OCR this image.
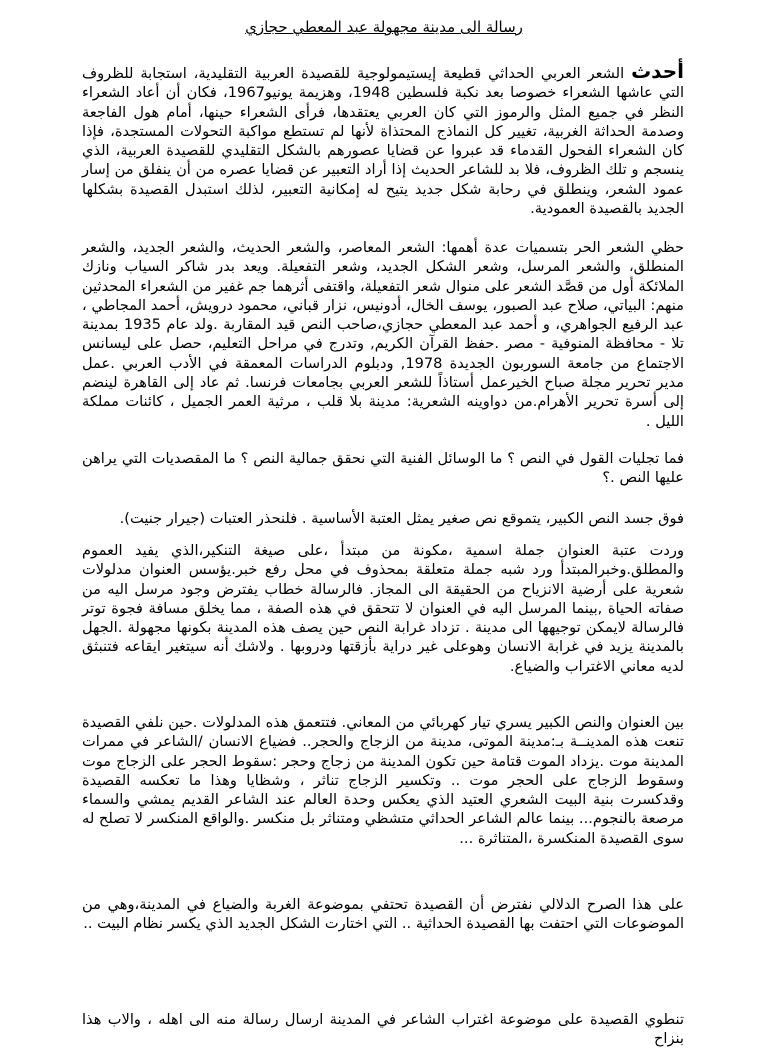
رسالة الى مدينة مجهولة عبد المعطي حجازي
أحدث الشعر العربي الحداثي قطيعة إيستيمولوجية للقصيدة العربية التقليدية، استجابة للظروف التي عاشها الشعراء خصوصا بعد نكبة فلسطين 1948، وهزيمة يونيو1967، فكان أن أعاد الشعراء النظر في جميع المثل والرموز التي كان العربي يعتقدها، فرأى الشعراء حينها، أمام هول الفاجعة وصدمة الحداثة الغربية، تغيير كل النماذج المحتذاة لأنها لم تستطع مواكبة التحولات المستجدة، فإذا كان الشعراء الفحول القدماء قد عبروا عن قضايا عصورهم بالشكل التقليدي للقصيدة العربية، الذي ينسجم و تلك الظروف، فلا بد للشاعر الحديث إذا أراد التعبير عن قضايا عصره من أن ينفلق من إسار عمود الشعر، وينطلق في رحابة شكل جديد يتيح له إمكانية التعبير، لذلك استبدل القصيدة بشكلها الجديد بالقصيدة العمودية.
حظي الشعر الحر بتسميات عدة أهمها: الشعر المعاصر، والشعر الحديث، والشعر الجديد، والشعر المنطلق، والشعر المرسل، وشعر الشكل الجديد، وشعر التفعيلة. ويعد بدر شاكر السياب ونازك الملائكة أول من قصَّد الشعر على منوال شعر التفعيلة، واقتفى أثرهما جم غفير من الشعراء المحدثين منهم: البياتي، صلاح عبد الصبور، يوسف الخال، أدونيس، نزار قباني، محمود درويش، أحمد المجاطي ، عبد الرفيع الجواهري، و أحمد عبد المعطي حجازي،صاحب النص قيد المقاربة .ولد عام 1935 بمدينة تلا - محافظة المنوفية - مصر .حفظ القرآن الكريم, وتدرج في مراحل التعليم، حصل على ليسانس الاجتماع من جامعة السوربون الجديدة 1978, ودبلوم الدراسات المعمقة في الأدب العربي .عمل مدير تحرير مجلة صباح الخيرعمل أستاذاً للشعر العربي بجامعات فرنسا. ثم عاد إلى القاهرة لينضم إلى أسرة تحرير الأهرام.من دواوينه الشعرية: مدينة بلا قلب ، مرثية العمر الجميل ، كائنات مملكة الليل .
فما تجليات القول في النص ؟ ما الوسائل الفنية التي نحقق جمالية النص ؟ ما المقصديات التي يراهن عليها النص .؟
فوق جسد النص الكبير، يتموقع نص صغير يمثل العتبة الأساسية . فلنحذر العتبات (جيرار جنيت).
وردت عتبة العنوان جملة اسمية ،مكونة من مبتدأ ،على صيغة التنكير،الذي يفيد العموم والمطلق.وخبرالمبتدأ ورد شبه جملة متعلقة بمحذوف في محل رفع خبر.يؤسس العنوان مدلولات شعرية على أرضية الانزياح من الحقيقة الى المجاز. فالرسالة خطاب يفترض وجود مرسل اليه من صفاته الحياة ,بينما المرسل اليه في العنوان لا تتحقق في هذه الصفة ، مما يخلق مسافة فجوة توتر فالرسالة لايمكن توجيهها الى مدينة . تزداد غرابة النص حين يصف هذه المدينة بكونها مجهولة .الجهل بالمدينة يزيد في غرابة الانسان وهوعلى غير دراية بأزقتها ودروبها . ولاشك أنه سيتغير ايقاعه فتنبثق لديه معاني الاغتراب والضياع.
بين العنوان والنص الكبير يسري تيار كهربائي من المعاني. فتتعمق هذه المدلولات .حين نلفي القصيدة تنعت هذه المدينــة بـ:مدينة الموتى، مدينة من الزجاج والحجر.. فضياع الانسان /الشاعر في ممرات المدينة موت .يزداد الموت قتامة حين تكون المدينة من زجاج وحجر :سقوط الحجر على الزجاج موت وسقوط الزجاج على الحجر موت .. وتكسير الزجاج تناثر ، وشظايا وهذا ما تعكسه القصيدة وقدكسرت بنية البيت الشعري العتيد الذي يعكس وحدة العالم عند الشاعر القديم يمشي والسماء مرصعة بالنجوم... بينما عالم الشاعر الحداثي متشظي ومتناثر بل منكسر .والواقع المنكسر لا تصلح له سوى القصيدة المنكسرة ،المتناثرة ...
على هذا الصرح الدلالي نفترض أن القصيدة تحتفي بموضوعة الغربة والضياع في المدينة،وهي من الموضوعات التي احتفت بها القصيدة الحداثية .. التي اختارت الشكل الجديد الذي يكسر نظام البيت ..
تنطوي القصيدة على موضوعة اغتراب الشاعر في المدينة ارسال رسالة منه الى اهله ، والاب هذا بنزاح
